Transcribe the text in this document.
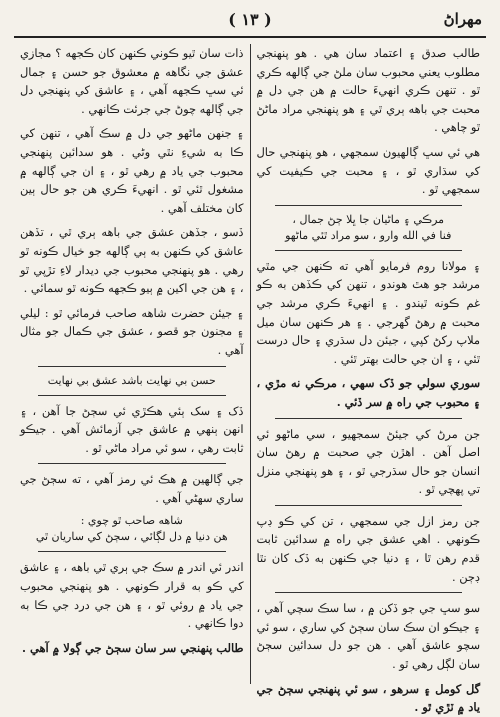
( ١٣ )	مهراڻ

طالب صدق ۽ اعتماد سان هي . هو پنهنجي مطلوب يعني محبوب سان ملڻ جي ڳالهه ڪري ٿو . تنهن ڪري انهيءَ حالت ۾ هن جي دل ۾ محبت جي باهه ٻري ٿي ۽ هو پنهنجي مراد ماڻڻ ٿو چاهي .

هي ئي سڀ ڳالهيون سمجهي ، هو پنهنجي حال کي سڌاري ٿو ، ۽ محبت جي ڪيفيت کي سمجهي ٿو .

مرڪي ۽ ماڻيان جا ڀلا ڄڻ جمال ،
فنا في الله وارو ، سو مراد ٿئي ماڻهو

۽ مولانا روم فرمايو آهي ته ڪنهن جي مٿي مرشد جو هٿ هوندو ، تنهن کي ڪڏهن به ڪو غم ڪونه ٿيندو . ۽ انهيءَ ڪري مرشد جي محبت ۾ رهڻ گهرجي . ۽ هر ڪنهن سان ميل ملاپ رکڻ کپي ، جيئن دل سڌري ۽ حال درست ٿئي ، ۽ ان جي حالت بهتر ٿئي .

سوري سولي جو ڏک سهي ، مرڪي نه مڙي ، ۽ محبوب جي راه ۾ سر ڏئي .

جن مرڻ کي جيئڻ سمجهيو ، سي ماڻهو ئي اصل آهن . اهڙن جي صحبت ۾ رهڻ سان انسان جو حال سڌرجي ٿو ، ۽ هو پنهنجي منزل تي پهچي ٿو .

جن رمز ازل جي سمجهي ، تن کي ڪو ڊپ ڪونهي . اهي عشق جي راه ۾ سدائين ثابت قدم رهن ٿا ، ۽ دنيا جي ڪنهن به ڏک کان نٿا ڊڄن .

سو سڀ جي جو ڏکن ۾ ، سا سڪ سچي آهي ، ۽ جيڪو ان سڪ سان سڄڻ کي ساري ، سو ئي سچو عاشق آهي . هن جو دل سدائين سڄڻ سان لڳل رهي ٿو .

گل کومل ۽ سرهو ، سو ئي پنهنجي سڄڻ جي ياد ۾ ٽڙي ٿو .

ذات سان ٿيو ڪوني ڪنهن کان ڪجهه ؟ مجازي عشق جي نگاهه ۾ معشوق جو حسن ۽ جمال ئي سڀ ڪجهه آهي ، ۽ عاشق کي پنهنجي دل جي ڳالهه چوڻ جي جرئت ڪانهي .

۽ جنهن ماڻهو جي دل ۾ سڪ آهي ، تنهن کي ڪا به شيءِ نٿي وڻي . هو سدائين پنهنجي محبوب جي ياد ۾ رهي ٿو ، ۽ ان جي ڳالهه ۾ مشغول ٿئي ٿو . انهيءَ ڪري هن جو حال ٻين کان مختلف آهي .

ڏسو ، جڏهن عشق جي باهه ٻري ٿي ، تڏهن عاشق کي ڪنهن به ٻي ڳالهه جو خيال ڪونه ٿو رهي . هو پنهنجي محبوب جي ديدار لاءِ تڙپي ٿو ، ۽ هن جي اکين ۾ ٻيو ڪجهه ڪونه ٿو سمائي .

۽ جيئن حضرت شاهه صاحب فرمائي ٿو : ليلي ۽ مجنون جو قصو ، عشق جي ڪمال جو مثال آهي .

حسن بي نهايت باشد عشق بي نهايت

ڏک ۽ سک ٻئي هڪڙي ئي سڄڻ جا آهن ، ۽ انهن ٻنهي ۾ عاشق جي آزمائش آهي . جيڪو ثابت رهي ، سو ئي مراد ماڻي ٿو .

جي ڳالهين ۾ هڪ ئي رمز آهي ، ته سڄڻ جي ساري سهڻي آهي .

شاهه صاحب ٿو چوي :
هن دنيا ۾ دل لڳائي ، سڄڻ کي ساريان ٿي

اندر ئي اندر ۾ سڪ جي ٻري ٿي باهه ، ۽ عاشق کي ڪو به قرار ڪونهي . هو پنهنجي محبوب جي ياد ۾ روئي ٿو ، ۽ هن جي درد جي ڪا به دوا ڪانهي .

طالب پنهنجي سر سان سڄڻ جي ڳولا ۾ آهي .
